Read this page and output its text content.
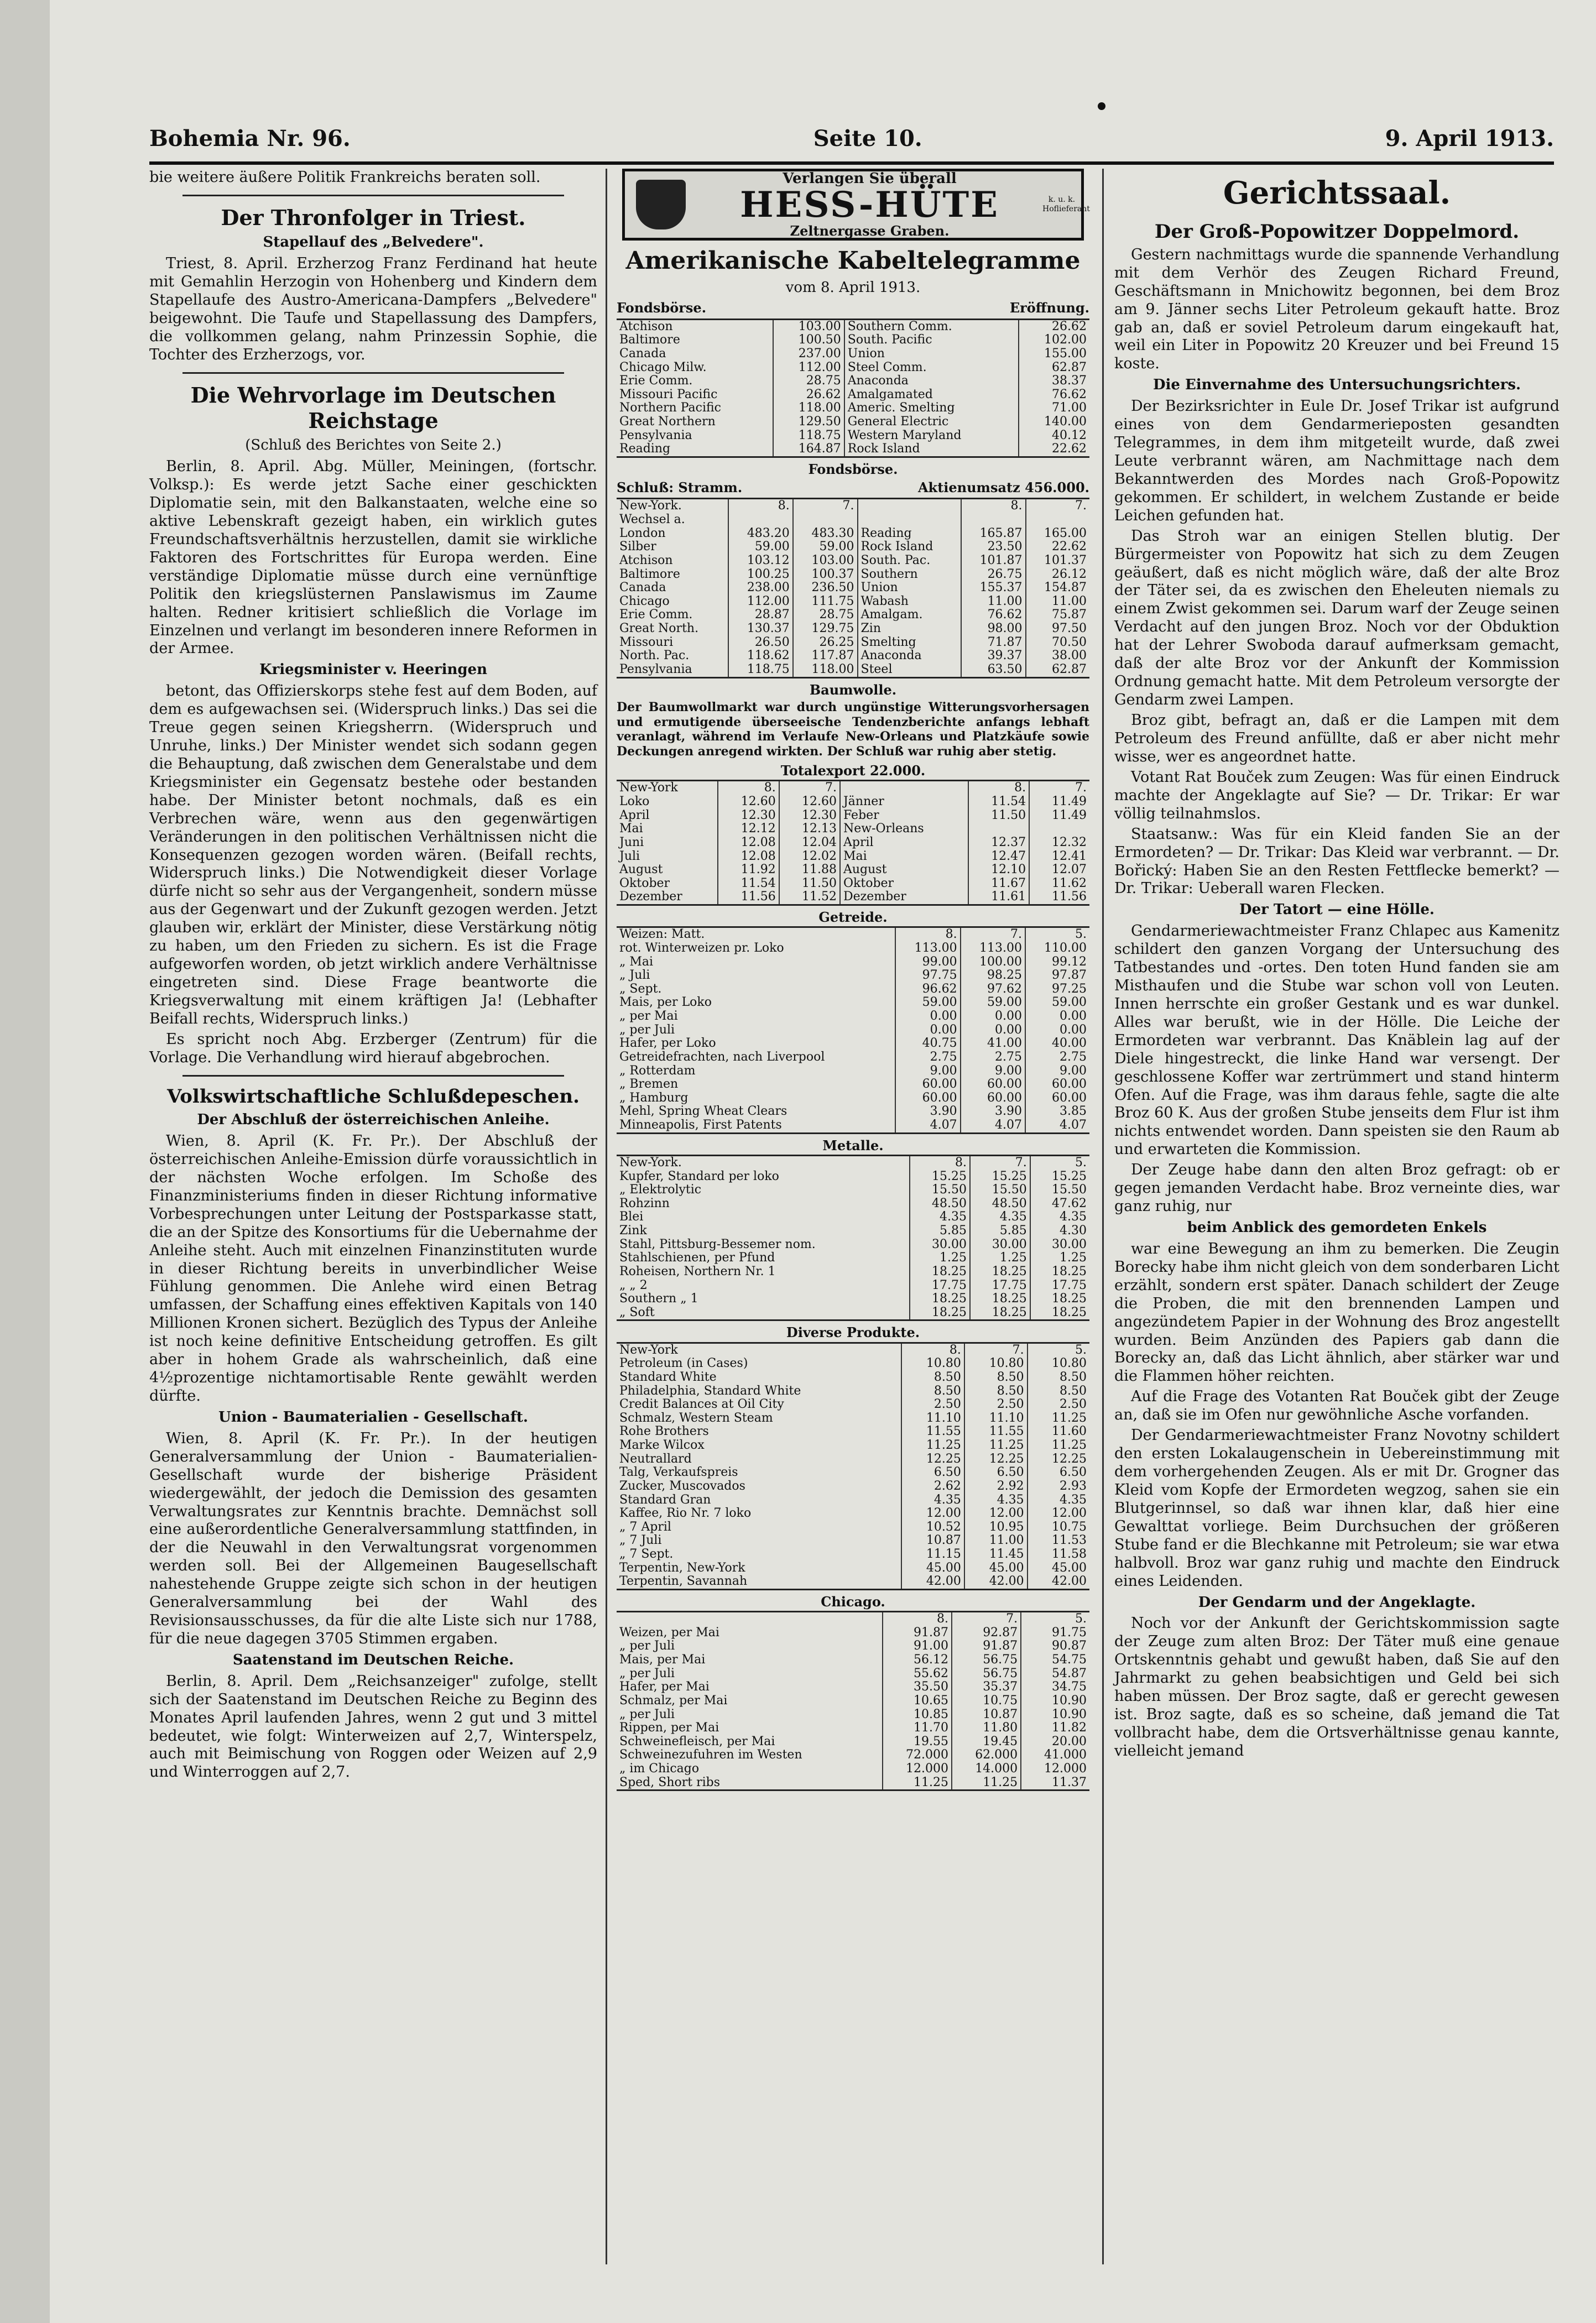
Bohemia Nr. 96.	Seite 10.	9. April 1913.

bie weitere äußere Politik Frankreichs beraten soll.

Der Thronfolger in Triest.
Stapellauf des „Belvedere".

Triest, 8. April. Erzherzog Franz Ferdinand hat heute mit Gemahlin Herzogin von Hohenberg und Kindern dem Stapellaufe des Austro-Americana-Dampfers „Belvedere" beigewohnt. Die Taufe und Stapellassung des Dampfers, die vollkommen gelang, nahm Prinzessin Sophie, die Tochter des Erzherzogs, vor.

Die Wehrvorlage im Deutschen Reichstage
(Schluß des Berichtes von Seite 2.)

Berlin, 8. April. Abg. Müller, Meiningen, (fortschr. Volksp.): Es werde jetzt Sache einer geschickten Diplomatie sein, mit den Balkanstaaten, welche eine so aktive Lebenskraft gezeigt haben, ein wirklich gutes Freundschaftsverhältnis herzustellen, damit sie wirkliche Faktoren des Fortschrittes für Europa werden. Eine verständige Diplomatie müsse durch eine vernünftige Politik den kriegslüsternen Panslawismus im Zaume halten. Redner kritisiert schließlich die Vorlage im Einzelnen und verlangt im besonderen innere Reformen in der Armee.

Kriegsminister v. Heeringen

betont, das Offizierskorps stehe fest auf dem Boden, auf dem es aufgewachsen sei. (Widerspruch links.) Das sei die Treue gegen seinen Kriegsherrn. (Widerspruch und Unruhe, links.) Der Minister wendet sich sodann gegen die Behauptung, daß zwischen dem Generalstabe und dem Kriegsminister ein Gegensatz bestehe oder bestanden habe. Der Minister betont nochmals, daß es ein Verbrechen wäre, wenn aus den gegenwärtigen Veränderungen in den politischen Verhältnissen nicht die Konsequenzen gezogen worden wären. (Beifall rechts, Widerspruch links.) Die Notwendigkeit dieser Vorlage dürfe nicht so sehr aus der Vergangenheit, sondern müsse aus der Gegenwart und der Zukunft gezogen werden. Jetzt glauben wir, erklärt der Minister, diese Verstärkung nötig zu haben, um den Frieden zu sichern. Es ist die Frage aufgeworfen worden, ob jetzt wirklich andere Verhältnisse eingetreten sind. Diese Frage beantworte die Kriegsverwaltung mit einem kräftigen Ja! (Lebhafter Beifall rechts, Widerspruch links.)

Es spricht noch Abg. Erzberger (Zentrum) für die Vorlage. Die Verhandlung wird hierauf abgebrochen.

Volkswirtschaftliche Schlußdepeschen.
Der Abschluß der österreichischen Anleihe.

Wien, 8. April (K. Fr. Pr.). Der Abschluß der österreichischen Anleihe-Emission dürfe voraussichtlich in der nächsten Woche erfolgen. Im Schoße des Finanzministeriums finden in dieser Richtung informative Vorbesprechungen unter Leitung der Postsparkasse statt, die an der Spitze des Konsortiums für die Uebernahme der Anleihe steht. Auch mit einzelnen Finanzinstituten wurde in dieser Richtung bereits in unverbindlicher Weise Fühlung genommen. Die Anlehe wird einen Betrag umfassen, der Schaffung eines effektiven Kapitals von 140 Millionen Kronen sichert. Bezüglich des Typus der Anleihe ist noch keine definitive Entscheidung getroffen. Es gilt aber in hohem Grade als wahrscheinlich, daß eine 4½prozentige nichtamortisable Rente gewählt werden dürfte.

Union - Baumaterialien - Gesellschaft.

Wien, 8. April (K. Fr. Pr.). In der heutigen Generalversammlung der Union - Baumaterialien-Gesellschaft wurde der bisherige Präsident wiedergewählt, der jedoch die Demission des gesamten Verwaltungsrates zur Kenntnis brachte. Demnächst soll eine außerordentliche Generalversammlung stattfinden, in der die Neuwahl in den Verwaltungsrat vorgenommen werden soll. Bei der Allgemeinen Baugesellschaft nahestehende Gruppe zeigte sich schon in der heutigen Generalversammlung bei der Wahl des Revisionsausschusses, da für die alte Liste sich nur 1788, für die neue dagegen 3705 Stimmen ergaben.

Saatenstand im Deutschen Reiche.

Berlin, 8. April. Dem „Reichsanzeiger" zufolge, stellt sich der Saatenstand im Deutschen Reiche zu Beginn des Monates April laufenden Jahres, wenn 2 gut und 3 mittel bedeutet, wie folgt: Winterweizen auf 2,7, Winterspelz, auch mit Beimischung von Roggen oder Weizen auf 2,9 und Winterroggen auf 2,7.

Verlangen Sie überall
HESS-HÜTE
Zeltnergasse Graben.
k. u. k. Hoflieferant
Amerikanische Kabeltelegramme
vom 8. April 1913.
Fondsbörse.	Eröffnung.
Atchison	103.00	Southern Comm.	26.62
Baltimore	100.50	South. Pacific	102.00
Canada	237.00	Union	155.00
Chicago Milw.	112.00	Steel Comm.	62.87
Erie Comm.	28.75	Anaconda	38.37
Missouri Pacific	26.62	Amalgamated	76.62
Northern Pacific	118.00	Americ. Smelting	71.00
Great Northern	129.50	General Electric	140.00
Pensylvania	118.75	Western Maryland	40.12
Reading	164.87	Rock Island	22.62
Fondsbörse.
Schluß: Stramm.	Aktienumsatz 456.000.
New-York.	8.	7.		8.	7.
Wechsel a.					
London	483.20	483.30	Reading	165.87	165.00
Silber	59.00	59.00	Rock Island	23.50	22.62
Atchison	103.12	103.00	South. Pac.	101.87	101.37
Baltimore	100.25	100.37	Southern	26.75	26.12
Canada	238.00	236.50	Union	155.37	154.87
Chicago	112.00	111.75	Wabash	11.00	11.00
Erie Comm.	28.87	28.75	Amalgam.	76.62	75.87
Great North.	130.37	129.75	Zin	98.00	97.50
Missouri	26.50	26.25	Smelting	71.87	70.50
North. Pac.	118.62	117.87	Anaconda	39.37	38.00
Pensylvania	118.75	118.00	Steel	63.50	62.87
Baumwolle.
Der Baumwollmarkt war durch ungünstige Witterungsvorhersagen und ermutigende überseeische Tendenzberichte anfangs lebhaft veranlagt, während im Verlaufe New-Orleans und Platzkäufe sowie Deckungen anregend wirkten. Der Schluß war ruhig aber stetig.
Totalexport 22.000.
New-York	8.	7.		8.	7.
Loko	12.60	12.60	Jänner	11.54	11.49
April	12.30	12.30	Feber	11.50	11.49
Mai	12.12	12.13	New-Orleans		
Juni	12.08	12.04	April	12.37	12.32
Juli	12.08	12.02	Mai	12.47	12.41
August	11.92	11.88	August	12.10	12.07
Oktober	11.54	11.50	Oktober	11.67	11.62
Dezember	11.56	11.52	Dezember	11.61	11.56
Getreide.
Weizen: Matt.	8.	7.	5.
rot. Winterweizen pr. Loko	113.00	113.00	110.00
„ Mai	99.00	100.00	99.12
„ Juli	97.75	98.25	97.87
„ Sept.	96.62	97.62	97.25
Mais, per Loko	59.00	59.00	59.00
„ per Mai	0.00	0.00	0.00
„ per Juli	0.00	0.00	0.00
Hafer, per Loko	40.75	41.00	40.00
Getreidefrachten, nach Liverpool	2.75	2.75	2.75
„ Rotterdam	9.00	9.00	9.00
„ Bremen	60.00	60.00	60.00
„ Hamburg	60.00	60.00	60.00
Mehl, Spring Wheat Clears	3.90	3.90	3.85
Minneapolis, First Patents	4.07	4.07	4.07
Metalle.
New-York.	8.	7.	5.
Kupfer, Standard per loko	15.25	15.25	15.25
„ Elektrolytic	15.50	15.50	15.50
Rohzinn	48.50	48.50	47.62
Blei	4.35	4.35	4.35
Zink	5.85	5.85	4.30
Stahl, Pittsburg-Bessemer nom.	30.00	30.00	30.00
Stahlschienen, per Pfund	1.25	1.25	1.25
Roheisen, Northern Nr. 1	18.25	18.25	18.25
„ „ 2	17.75	17.75	17.75
Southern „ 1	18.25	18.25	18.25
„ Soft	18.25	18.25	18.25
Diverse Produkte.
New-York	8.	7.	5.
Petroleum (in Cases)	10.80	10.80	10.80
Standard White	8.50	8.50	8.50
Philadelphia, Standard White	8.50	8.50	8.50
Credit Balances at Oil City	2.50	2.50	2.50
Schmalz, Western Steam	11.10	11.10	11.25
Rohe Brothers	11.55	11.55	11.60
Marke Wilcox	11.25	11.25	11.25
Neutrallard	12.25	12.25	12.25
Talg, Verkaufspreis	6.50	6.50	6.50
Zucker, Muscovados	2.62	2.92	2.93
Standard Gran	4.35	4.35	4.35
Kaffee, Rio Nr. 7 loko	12.00	12.00	12.00
„ 7 April	10.52	10.95	10.75
„ 7 Juli	10.87	11.00	11.53
„ 7 Sept.	11.15	11.45	11.58
Terpentin, New-York	45.00	45.00	45.00
Terpentin, Savannah	42.00	42.00	42.00
Chicago.
	8.	7.	5.
Weizen, per Mai	91.87	92.87	91.75
„ per Juli	91.00	91.87	90.87
Mais, per Mai	56.12	56.75	54.75
„ per Juli	55.62	56.75	54.87
Hafer, per Mai	35.50	35.37	34.75
Schmalz, per Mai	10.65	10.75	10.90
„ per Juli	10.85	10.87	10.90
Rippen, per Mai	11.70	11.80	11.82
Schweinefleisch, per Mai	19.55	19.45	20.00
Schweinezufuhren im Westen	72.000	62.000	41.000
„ im Chicago	12.000	14.000	12.000
Sped, Short ribs	11.25	11.25	11.37
Gerichtssaal.
Der Groß-Popowitzer Doppelmord.

Gestern nachmittags wurde die spannende Verhandlung mit dem Verhör des Zeugen Richard Freund, Geschäftsmann in Mnichowitz begonnen, bei dem Broz am 9. Jänner sechs Liter Petroleum gekauft hatte. Broz gab an, daß er soviel Petroleum darum eingekauft hat, weil ein Liter in Popowitz 20 Kreuzer und bei Freund 15 koste.

Die Einvernahme des Untersuchungsrichters.

Der Bezirksrichter in Eule Dr. Josef Trikar ist aufgrund eines von dem Gendarmerieposten gesandten Telegrammes, in dem ihm mitgeteilt wurde, daß zwei Leute verbrannt wären, am Nachmittage nach dem Bekanntwerden des Mordes nach Groß-Popowitz gekommen. Er schildert, in welchem Zustande er beide Leichen gefunden hat.

Das Stroh war an einigen Stellen blutig. Der Bürgermeister von Popowitz hat sich zu dem Zeugen geäußert, daß es nicht möglich wäre, daß der alte Broz der Täter sei, da es zwischen den Eheleuten niemals zu einem Zwist gekommen sei. Darum warf der Zeuge seinen Verdacht auf den jungen Broz. Noch vor der Obduktion hat der Lehrer Swoboda darauf aufmerksam gemacht, daß der alte Broz vor der Ankunft der Kommission Ordnung gemacht hatte. Mit dem Petroleum versorgte der Gendarm zwei Lampen.

Broz gibt, befragt an, daß er die Lampen mit dem Petroleum des Freund anfüllte, daß er aber nicht mehr wisse, wer es angeordnet hatte.

Votant Rat Bouček zum Zeugen: Was für einen Eindruck machte der Angeklagte auf Sie? — Dr. Trikar: Er war völlig teilnahmslos.

Staatsanw.: Was für ein Kleid fanden Sie an der Ermordeten? — Dr. Trikar: Das Kleid war verbrannt. — Dr. Bořický: Haben Sie an den Resten Fettflecke bemerkt? — Dr. Trikar: Ueberall waren Flecken.

Der Tatort — eine Hölle.

Gendarmeriewachtmeister Franz Chlapec aus Kamenitz schildert den ganzen Vorgang der Untersuchung des Tatbestandes und -ortes. Den toten Hund fanden sie am Misthaufen und die Stube war schon voll von Leuten. Innen herrschte ein großer Gestank und es war dunkel. Alles war berußt, wie in der Hölle. Die Leiche der Ermordeten war verbrannt. Das Knäblein lag auf der Diele hingestreckt, die linke Hand war versengt. Der geschlossene Koffer war zertrümmert und stand hinterm Ofen. Auf die Frage, was ihm daraus fehle, sagte die alte Broz 60 K. Aus der großen Stube jenseits dem Flur ist ihm nichts entwendet worden. Dann speisten sie den Raum ab und erwarteten die Kommission.

Der Zeuge habe dann den alten Broz gefragt: ob er gegen jemanden Verdacht habe. Broz verneinte dies, war ganz ruhig, nur

beim Anblick des gemordeten Enkels

war eine Bewegung an ihm zu bemerken. Die Zeugin Borecky habe ihm nicht gleich von dem sonderbaren Licht erzählt, sondern erst später. Danach schildert der Zeuge die Proben, die mit den brennenden Lampen und angezündetem Papier in der Wohnung des Broz angestellt wurden. Beim Anzünden des Papiers gab dann die Borecky an, daß das Licht ähnlich, aber stärker war und die Flammen höher reichten.

Auf die Frage des Votanten Rat Bouček gibt der Zeuge an, daß sie im Ofen nur gewöhnliche Asche vorfanden.

Der Gendarmeriewachtmeister Franz Novotny schildert den ersten Lokalaugenschein in Uebereinstimmung mit dem vorhergehenden Zeugen. Als er mit Dr. Grogner das Kleid vom Kopfe der Ermordeten wegzog, sahen sie ein Blutgerinnsel, so daß war ihnen klar, daß hier eine Gewalttat vorliege. Beim Durchsuchen der größeren Stube fand er die Blechkanne mit Petroleum; sie war etwa halbvoll. Broz war ganz ruhig und machte den Eindruck eines Leidenden.

Der Gendarm und der Angeklagte.

Noch vor der Ankunft der Gerichtskommission sagte der Zeuge zum alten Broz: Der Täter muß eine genaue Ortskenntnis gehabt und gewußt haben, daß Sie auf den Jahrmarkt zu gehen beabsichtigen und Geld bei sich haben müssen. Der Broz sagte, daß er gerecht gewesen ist. Broz sagte, daß es so scheine, daß jemand die Tat vollbracht habe, dem die Ortsverhältnisse genau kannte, vielleicht jemand
